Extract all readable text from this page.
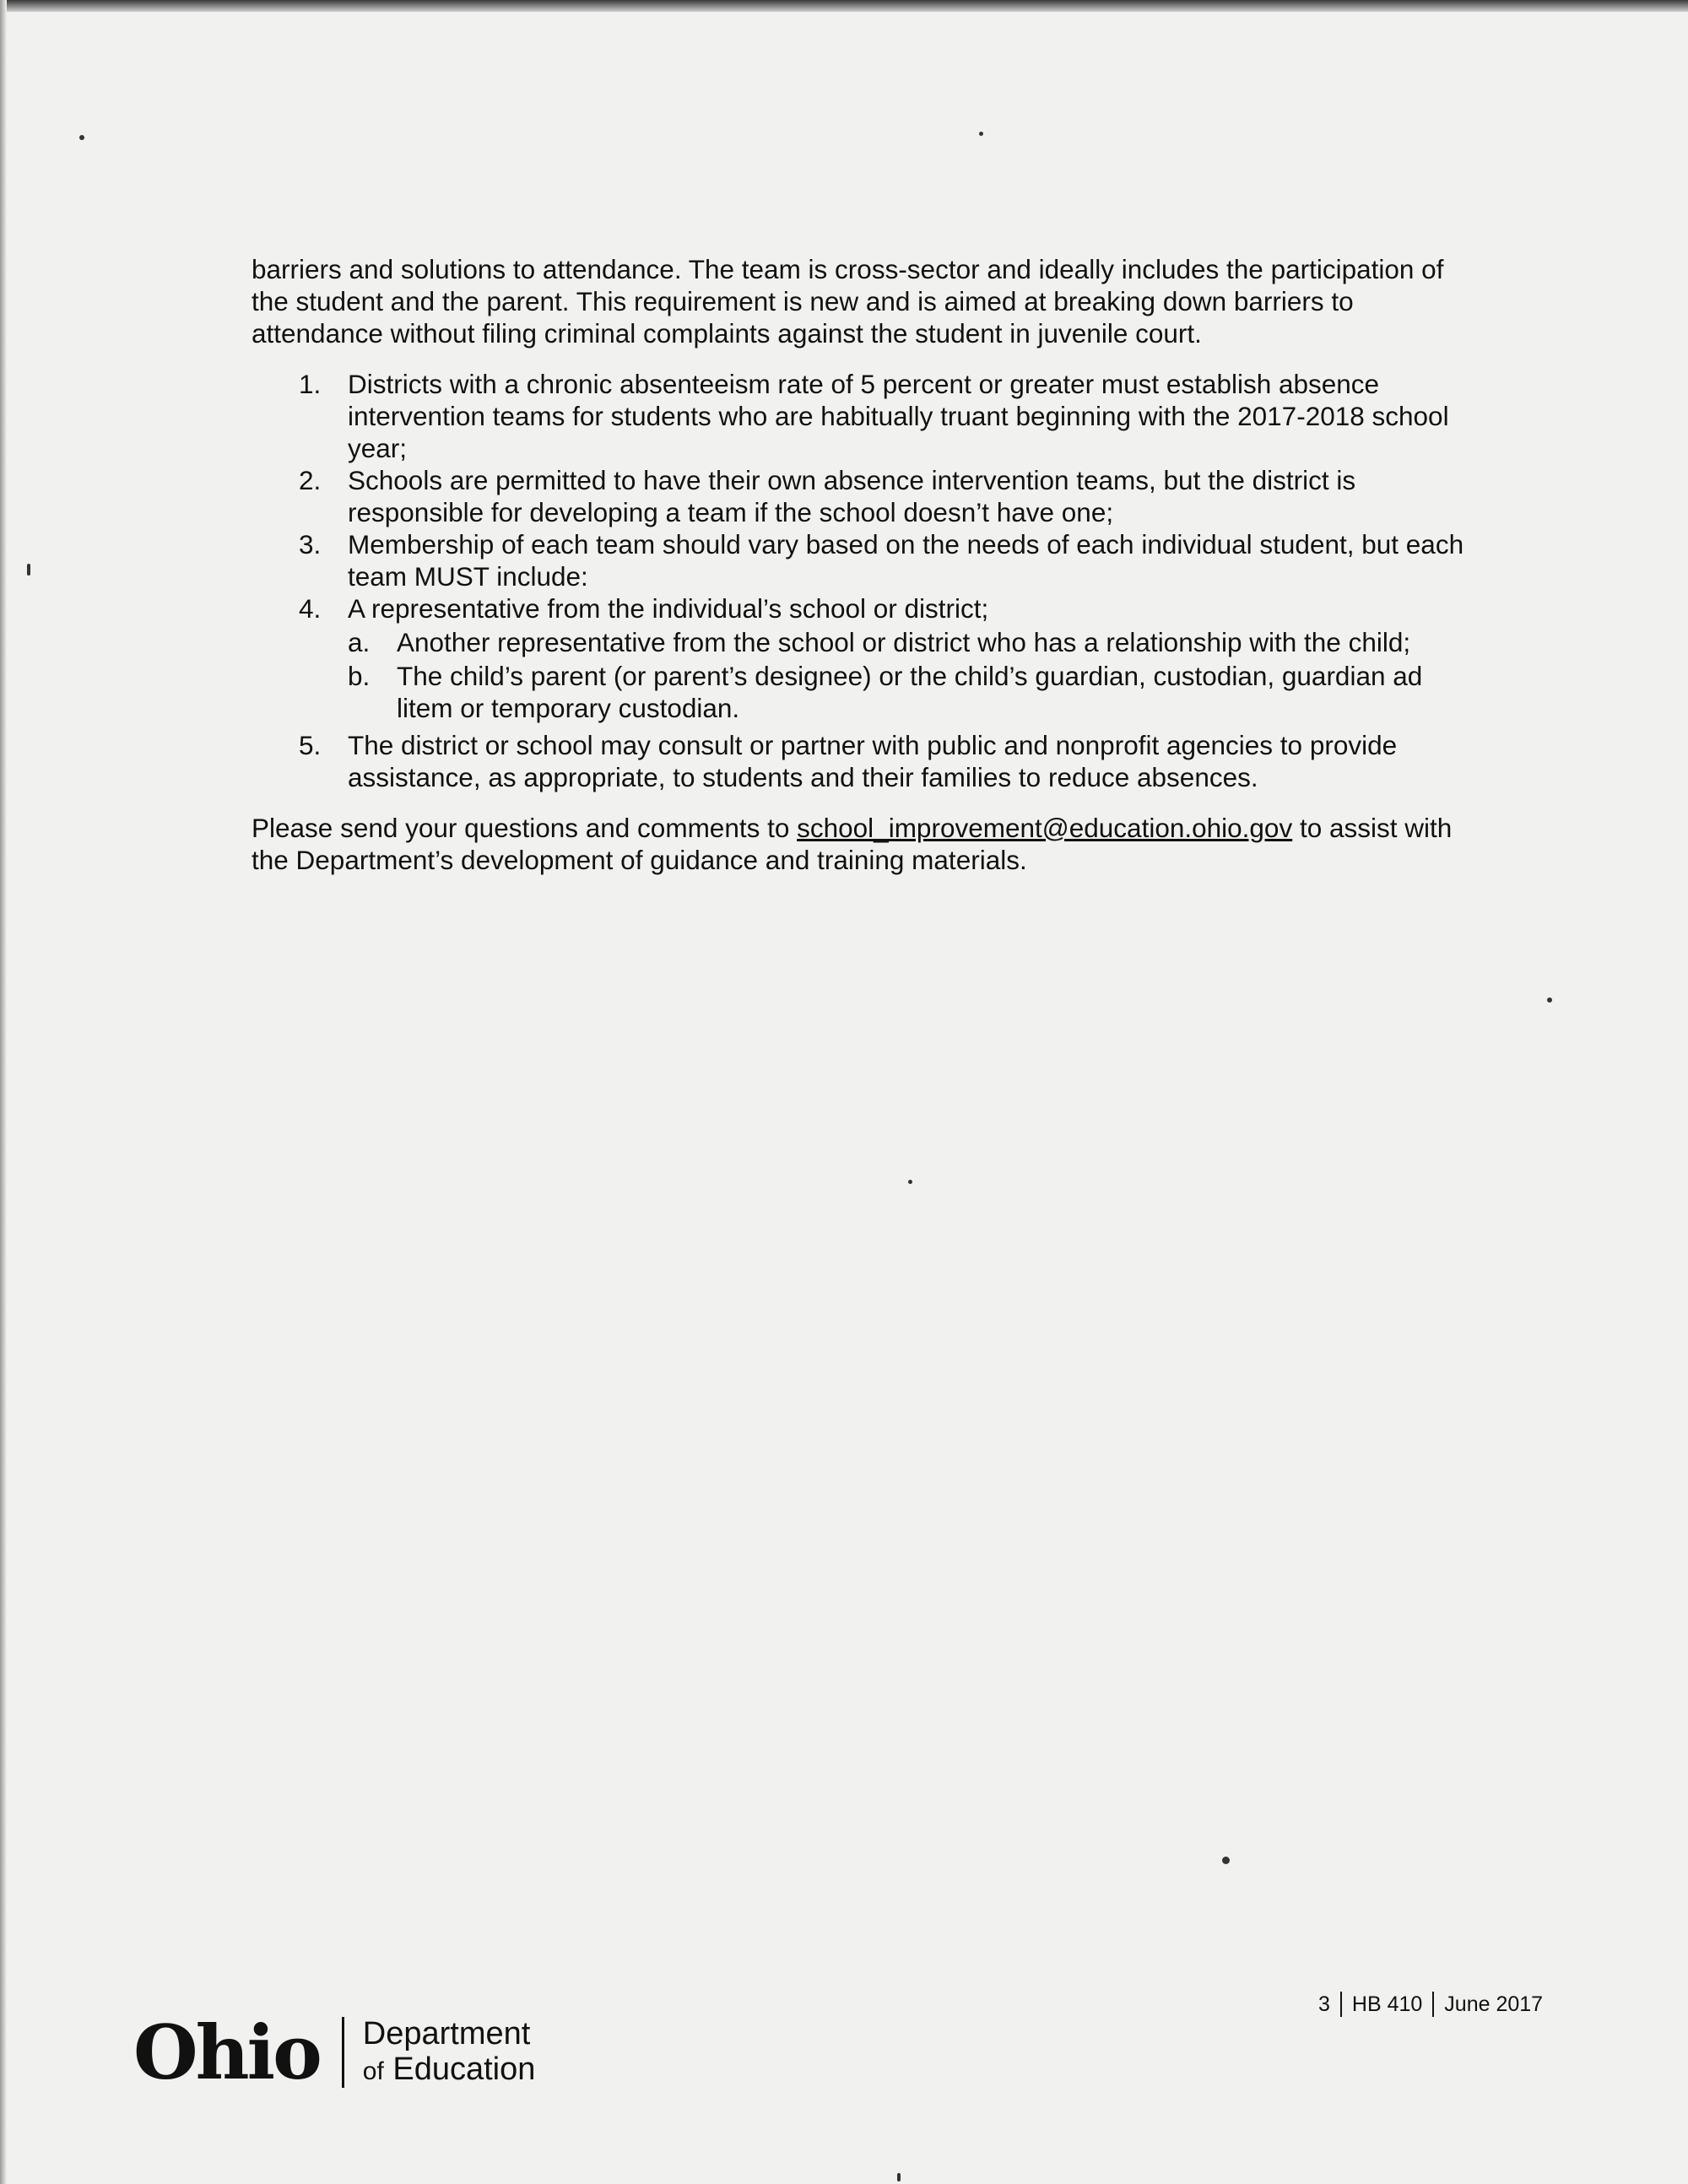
barriers and solutions to attendance. The team is cross-sector and ideally includes the participation of the student and the parent. This requirement is new and is aimed at breaking down barriers to attendance without filing criminal complaints against the student in juvenile court.

1.	Districts with a chronic absenteeism rate of 5 percent or greater must establish absence intervention teams for students who are habitually truant beginning with the 2017-2018 school year;
2.	Schools are permitted to have their own absence intervention teams, but the district is responsible for developing a team if the school doesn’t have one;
3.	Membership of each team should vary based on the needs of each individual student, but each team MUST include:
4.	A representative from the individual’s school or district;
a.	Another representative from the school or district who has a relationship with the child;
b.	The child’s parent (or parent’s designee) or the child’s guardian, custodian, guardian ad litem or temporary custodian.
5.	The district or school may consult or partner with public and nonprofit agencies to provide assistance, as appropriate, to students and their families to reduce absences.

Please send your questions and comments to school_improvement@education.ohio.gov to assist with the Department’s development of guidance and training materials.

Ohio Department
of Education
3 HB 410 June 2017
